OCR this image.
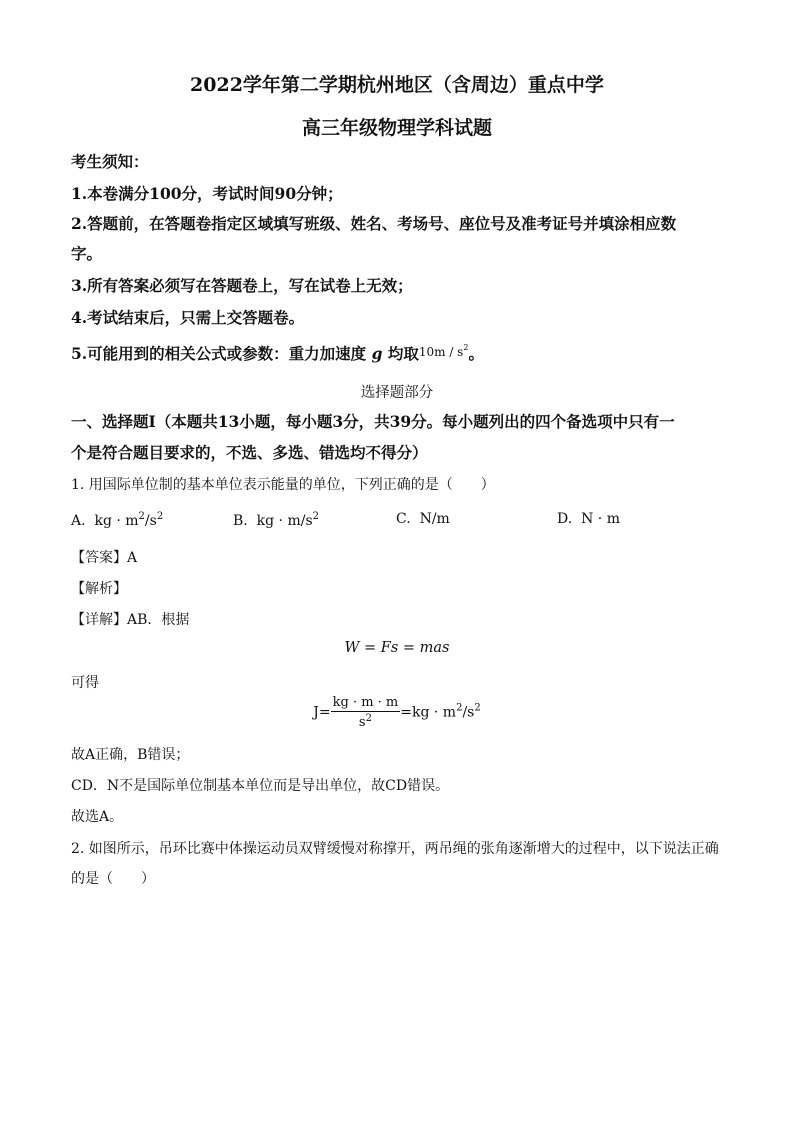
2022学年第二学期杭州地区（含周边）重点中学
高三年级物理学科试题
考生须知：
1.本卷满分100分，考试时间90分钟；
2.答题前，在答题卷指定区域填写班级、姓名、考场号、座位号及准考证号并填涂相应数
字。
3.所有答案必须写在答题卷上，写在试卷上无效；
4.考试结束后，只需上交答题卷。
5.可能用到的相关公式或参数：重力加速度 g 均取$10m / s^2$。
选择题部分
一、选择题Ⅰ（本题共13小题，每小题3分，共39分。每小题列出的四个备选项中只有一
个是符合题目要求的，不选、多选、错选均不得分）
1. 用国际单位制的基本单位表示能量的单位，下列正确的是（　　）
A. kg · $m^2/s^2$	B. kg · $m/s^2$	C. N/m	D. N · m
【答案】A
【解析】
【详解】AB．根据
W = Fs = mas
可得
$J= \frac{kg \cdot m \cdot m}{s^2} =kg \cdot m^2/s^2$
故A正确，B错误；
CD．N不是国际单位制基本单位而是导出单位，故CD错误。
故选A。
2. 如图所示，吊环比赛中体操运动员双臂缓慢对称撑开，两吊绳的张角逐渐增大的过程中，以下说法正确
的是（　　）
